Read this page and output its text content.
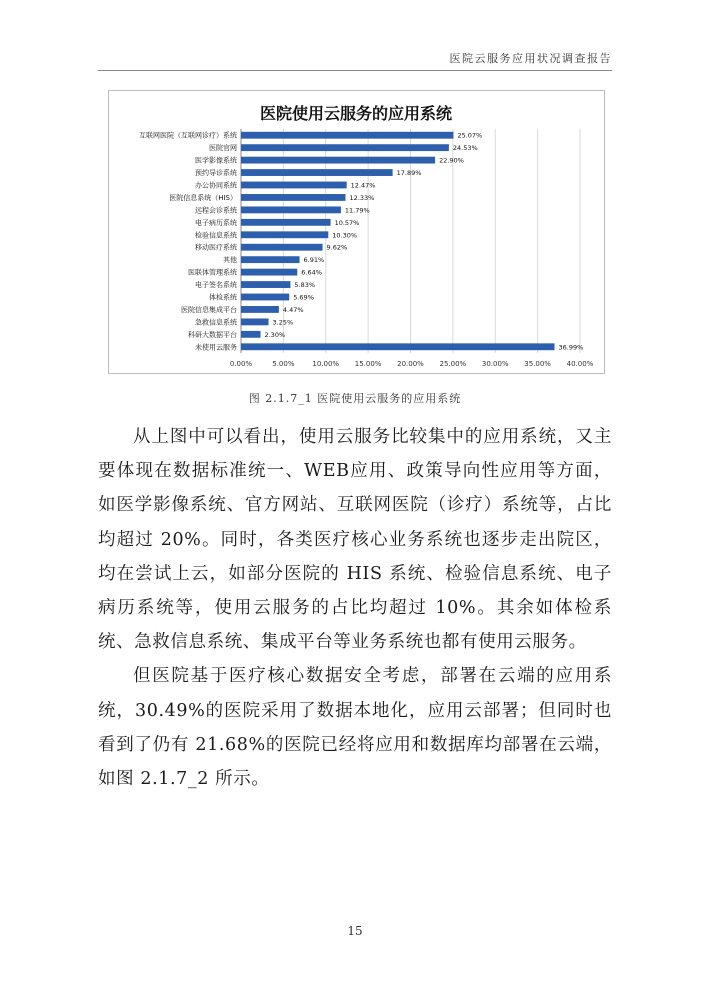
医院云服务应用状况调查报告
医院使用云服务的应用系统
0.00%	5.00%	10.00% 15.00% 20.00% 25.00% 30.00% 35.00% 40.00%
互联网医院（互联网诊疗）系统	25.07%
医院官网	24.53%
医学影像系统	22.90%
预约导诊系统	17.89%
办公协同系统	12.47%
医院信息系统（HIS）	12.33%
远程会诊系统	11.79%
电子病历系统	10.57%
检验信息系统	10.30%
移动医疗系统	9.62%
其他	6.91%
医联体管理系统	6.64%
电子签名系统	5.83%
体检系统	5.69%
医院信息集成平台	4.47%
急救信息系统	3.25%
科研大数据平台	2.30%
未使用云服务	36.99%
图 2.1.7_1 医院使用云服务的应用系统

从上图中可以看出，使用云服务比较集中的应用系统，又主要体现在数据标准统一、WEB应用、政策导向性应用等方面，如医学影像系统、官方网站、互联网医院（诊疗）系统等，占比均超过 20%。同时，各类医疗核心业务系统也逐步走出院区，均在尝试上云，如部分医院的 HIS 系统、检验信息系统、电子病历系统等，使用云服务的占比均超过 10%。其余如体检系统、急救信息系统、集成平台等业务系统也都有使用云服务。

但医院基于医疗核心数据安全考虑，部署在云端的应用系统，30.49%的医院采用了数据本地化，应用云部署；但同时也看到了仍有 21.68%的医院已经将应用和数据库均部署在云端，如图 2.1.7_2 所示。

15
